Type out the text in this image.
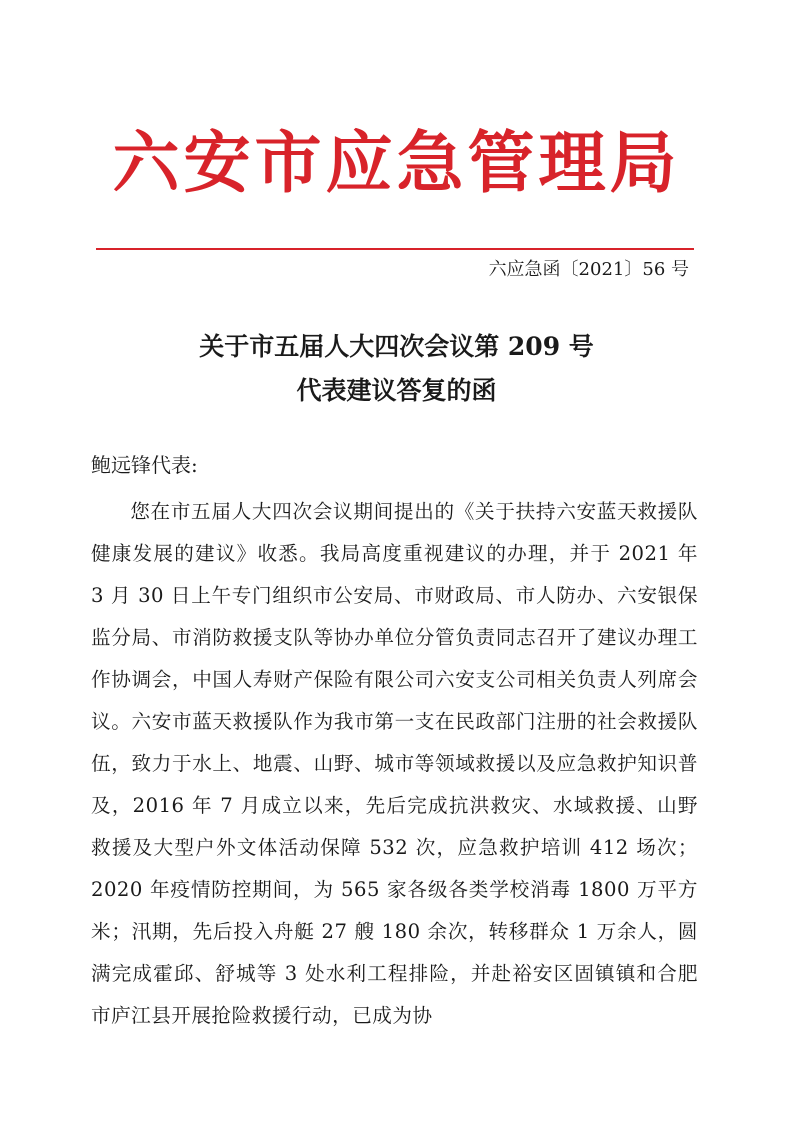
六安市应急管理局
六应急函〔2021〕56 号
关于市五届人大四次会议第 209 号
代表建议答复的函

鲍远锋代表:

您在市五届人大四次会议期间提出的《关于扶持六安蓝天救援队健康发展的建议》收悉。我局高度重视建议的办理，并于 2021 年 3 月 30 日上午专门组织市公安局、市财政局、市人防办、六安银保监分局、市消防救援支队等协办单位分管负责同志召开了建议办理工作协调会，中国人寿财产保险有限公司六安支公司相关负责人列席会议。六安市蓝天救援队作为我市第一支在民政部门注册的社会救援队伍，致力于水上、地震、山野、城市等领域救援以及应急救护知识普及，2016 年 7 月成立以来，先后完成抗洪救灾、水域救援、山野救援及大型户外文体活动保障 532 次，应急救护培训 412 场次；2020 年疫情防控期间，为 565 家各级各类学校消毒 1800 万平方米；汛期，先后投入舟艇 27 艘 180 余次，转移群众 1 万余人，圆满完成霍邱、舒城等 3 处水利工程排险，并赴裕安区固镇镇和合肥市庐江县开展抢险救援行动，已成为协
